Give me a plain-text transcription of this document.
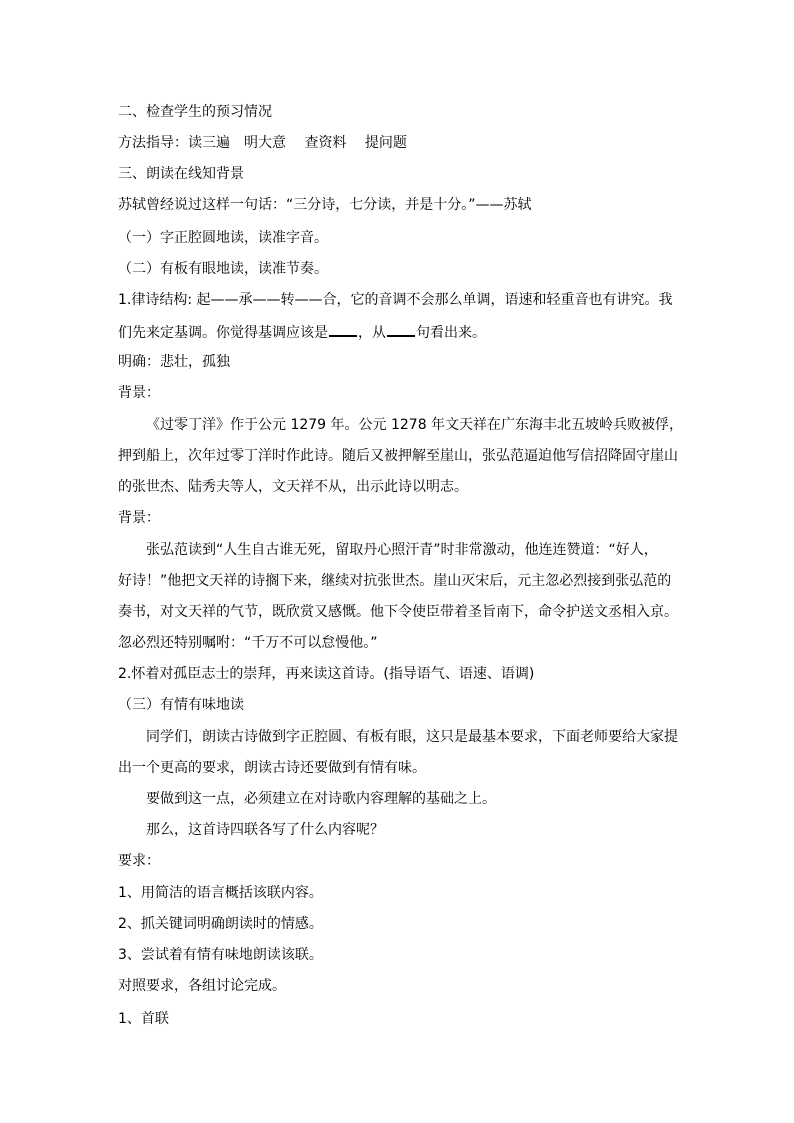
二、检查学生的预习情况
方法指导：读三遍　明大意　 查资料　 提问题
三、朗读在线知背景
苏轼曾经说过这样一句话：“三分诗，七分读，并是十分。”——苏轼
（一）字正腔圆地读，读准字音。
（二）有板有眼地读，读准节奏。
1.律诗结构: 起——承——转——合，它的音调不会那么单调，语速和轻重音也有讲究。我
们先来定基调。你觉得基调应该是 ，从 句看出来。
明确：悲壮，孤独
背景：
《过零丁洋》作于公元 1279 年。公元 1278 年文天祥在广东海丰北五坡岭兵败被俘，
押到船上，次年过零丁洋时作此诗。随后又被押解至崖山，张弘范逼迫他写信招降固守崖山
的张世杰、陆秀夫等人，文天祥不从，出示此诗以明志。
背景：
张弘范读到“人生自古谁无死，留取丹心照汗青”时非常激动，他连连赞道：“好人，
好诗！”他把文天祥的诗搁下来，继续对抗张世杰。崖山灭宋后，元主忽必烈接到张弘范的
奏书，对文天祥的气节，既欣赏又感慨。他下令使臣带着圣旨南下，命令护送文丞相入京。
忽必烈还特别嘱咐：“千万不可以怠慢他。”
2.怀着对孤臣志士的崇拜，再来读这首诗。(指导语气、语速、语调)
（三）有情有味地读
同学们，朗读古诗做到字正腔圆、有板有眼，这只是最基本要求，下面老师要给大家提
出一个更高的要求，朗读古诗还要做到有情有味。
要做到这一点，必须建立在对诗歌内容理解的基础之上。
那么，这首诗四联各写了什么内容呢？
要求：
1、用简洁的语言概括该联内容。
2、抓关键词明确朗读时的情感。
3、尝试着有情有味地朗读该联。
对照要求，各组讨论完成。
1、首联
